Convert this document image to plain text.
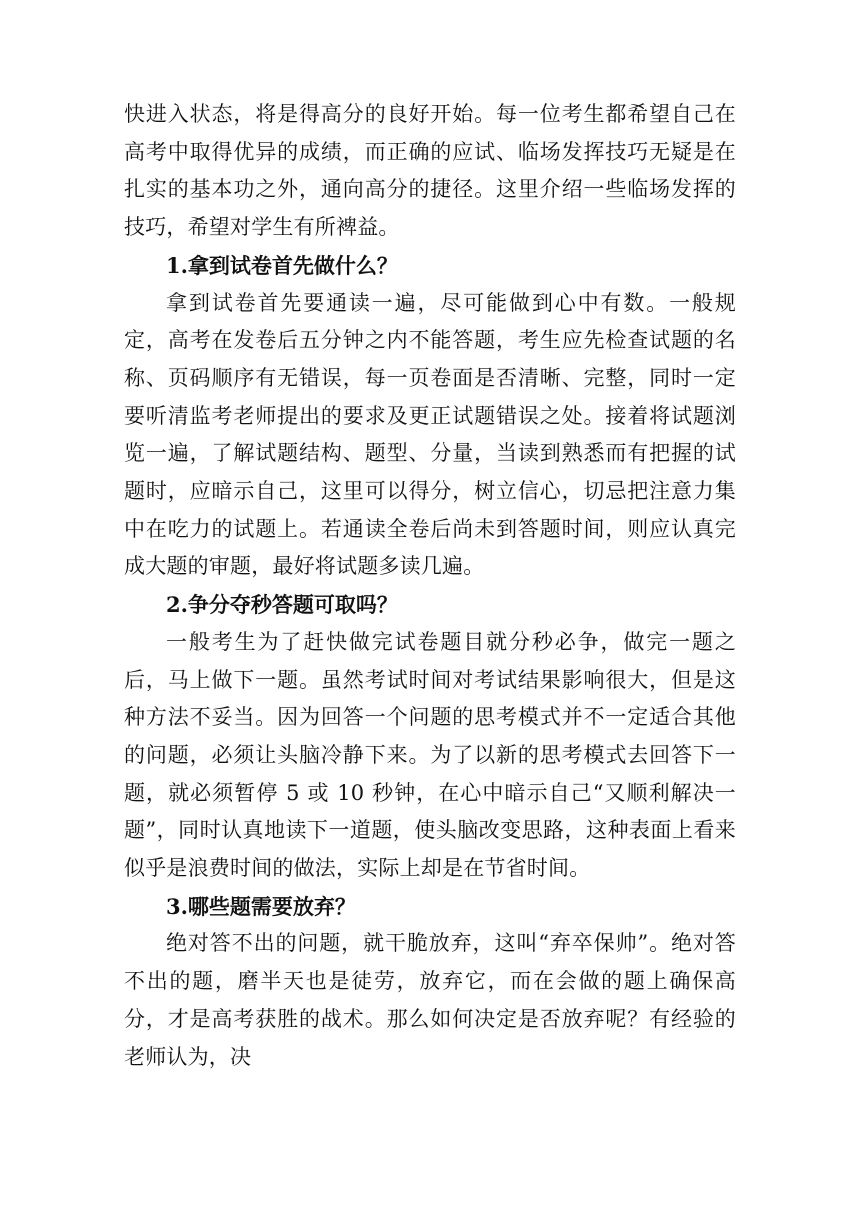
快进入状态，将是得高分的良好开始。每一位考生都希望自己在高考中取得优异的成绩，而正确的应试、临场发挥技巧无疑是在扎实的基本功之外，通向高分的捷径。这里介绍一些临场发挥的技巧，希望对学生有所裨益。

1.拿到试卷首先做什么？

拿到试卷首先要通读一遍，尽可能做到心中有数。一般规定，高考在发卷后五分钟之内不能答题，考生应先检查试题的名称、页码顺序有无错误，每一页卷面是否清晰、完整，同时一定要听清监考老师提出的要求及更正试题错误之处。接着将试题浏览一遍，了解试题结构、题型、分量，当读到熟悉而有把握的试题时，应暗示自己，这里可以得分，树立信心，切忌把注意力集中在吃力的试题上。若通读全卷后尚未到答题时间，则应认真完成大题的审题，最好将试题多读几遍。

2.争分夺秒答题可取吗？

一般考生为了赶快做完试卷题目就分秒必争，做完一题之后，马上做下一题。虽然考试时间对考试结果影响很大，但是这种方法不妥当。因为回答一个问题的思考模式并不一定适合其他的问题，必须让头脑冷静下来。为了以新的思考模式去回答下一题，就必须暂停 5 或 10 秒钟，在心中暗示自己“又顺利解决一题”，同时认真地读下一道题，使头脑改变思路，这种表面上看来似乎是浪费时间的做法，实际上却是在节省时间。

3.哪些题需要放弃？

绝对答不出的问题，就干脆放弃，这叫“弃卒保帅”。绝对答不出的题，磨半天也是徒劳，放弃它，而在会做的题上确保高分，才是高考获胜的战术。那么如何决定是否放弃呢？有经验的老师认为，决
